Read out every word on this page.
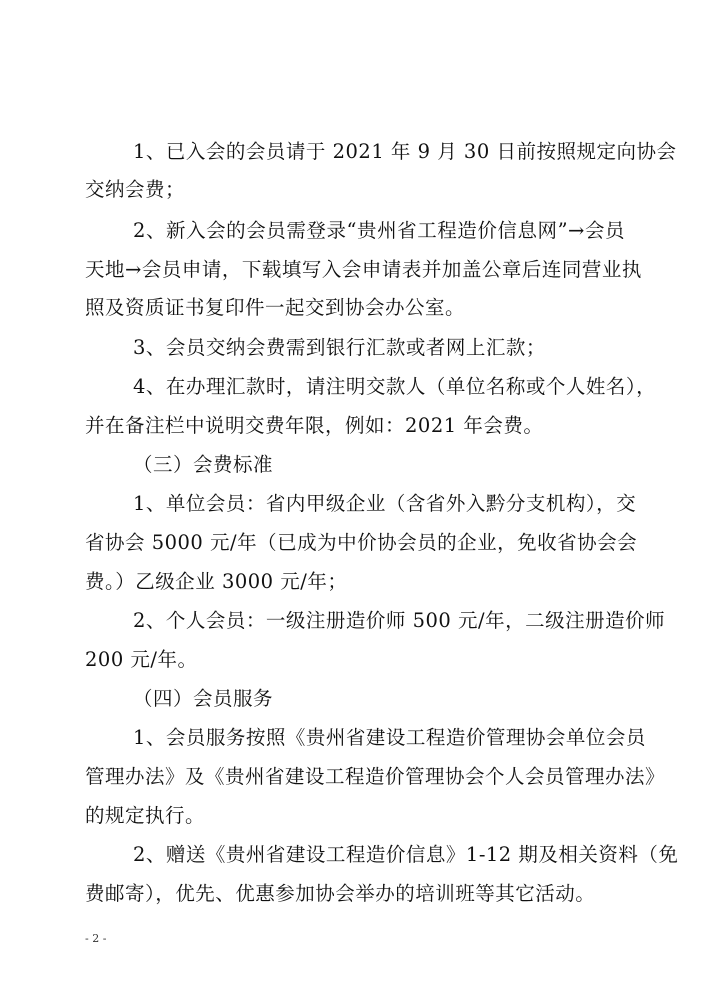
1、已入会的会员请于 2021 年 9 月 30 日前按照规定向协会
交纳会费；
2、新入会的会员需登录“贵州省工程造价信息网”→会员
天地→会员申请，下载填写入会申请表并加盖公章后连同营业执
照及资质证书复印件一起交到协会办公室。
3、会员交纳会费需到银行汇款或者网上汇款；
4、在办理汇款时，请注明交款人（单位名称或个人姓名），
并在备注栏中说明交费年限，例如：2021 年会费。
（三）会费标准
1、单位会员：省内甲级企业（含省外入黔分支机构），交
省协会 5000 元/年（已成为中价协会员的企业，免收省协会会
费。）乙级企业 3000 元/年；
2、个人会员：一级注册造价师 500 元/年，二级注册造价师
200 元/年。
（四）会员服务
1、会员服务按照《贵州省建设工程造价管理协会单位会员
管理办法》及《贵州省建设工程造价管理协会个人会员管理办法》
的规定执行。
2、赠送《贵州省建设工程造价信息》1-12 期及相关资料（免
费邮寄），优先、优惠参加协会举办的培训班等其它活动。
- 2 -
